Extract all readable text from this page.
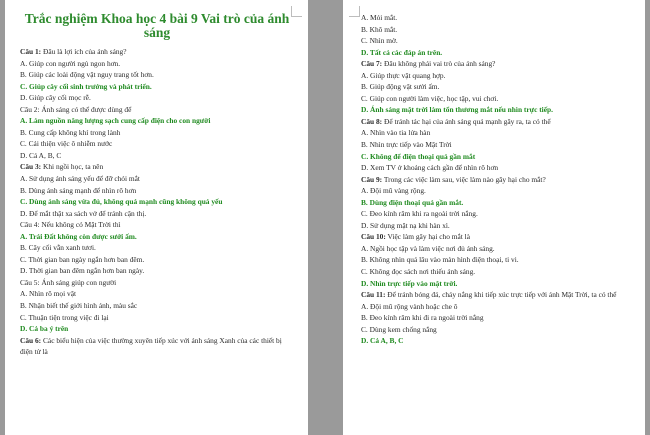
Trắc nghiệm Khoa học 4 bài 9 Vai trò của ánh sáng
Câu 1: Đâu là lợi ích của ánh sáng?
A. Giúp con người ngủ ngon hơn.
B. Giúp các loài động vật nguy trang tốt hơn.
C. Giúp cây cối sinh trưởng và phát triển.
D. Giúp cây cối mọc rễ.
Câu 2: Ánh sáng có thể được dùng để
A. Làm nguồn năng lượng sạch cung cấp điện cho con người
B. Cung cấp không khí trong lành
C. Cải thiện việc ô nhiễm nước
D. Cả A, B, C
Câu 3: Khi ngồi học, ta nên
A. Sử dụng ánh sáng yếu để đỡ chói mắt
B. Dùng ánh sáng mạnh để nhìn rõ hơn
C. Dùng ánh sáng vừa đủ, không quá mạnh cũng không quá yếu
D. Để mắt thật xa sách vở để tránh cận thị.
Câu 4: Nếu không có Mặt Trời thì
A. Trái Đất không còn được sưởi ấm.
B. Cây cối vẫn xanh tươi.
C. Thời gian ban ngày ngắn hơn ban đêm.
D. Thời gian ban đêm ngắn hơn ban ngày.
Câu 5: Ánh sáng giúp con người
A. Nhìn rõ mọi vật
B. Nhận biết thế giới hình ảnh, màu sắc
C. Thuận tiện trong việc đi lại
D. Cả ba ý trên
Câu 6: Các biểu hiện của việc thường xuyên tiếp xúc với ánh sáng Xanh của các thiết bị điện tử là
A. Mỏi mắt.
B. Khô mắt.
C. Nhìn mờ.
D. Tất cả các đáp án trên.
Câu 7: Đâu không phải vai trò của ánh sáng?
A. Giúp thực vật quang hợp.
B. Giúp động vật sưởi ấm.
C. Giúp con người làm việc, học tập, vui chơi.
D. Ánh sáng mặt trời làm tổn thương mắt nếu nhìn trực tiếp.
Câu 8: Để tránh tác hại của ánh sáng quá mạnh gây ra, ta có thể
A. Nhìn vào tia lửa hàn
B. Nhìn trực tiếp vào Mặt Trời
C. Không để điện thoại quá gần mắt
D. Xem TV ở khoảng cách gần để nhìn rõ hơn
Câu 9: Trong các việc làm sau, việc làm nào gây hại cho mắt?
A. Đội mũ vàng rộng.
B. Dùng điện thoại quá gần mắt.
C. Đeo kính râm khi ra ngoài trời nắng.
D. Sử dụng mặt nạ khi hàn xì.
Câu 10: Việc làm gây hại cho mắt là
A. Ngồi học tập và làm việc nơi đủ ánh sáng.
B. Không nhìn quá lâu vào màn hình điện thoại, ti vi.
C. Không đọc sách nơi thiếu ánh sáng.
D. Nhìn trực tiếp vào mặt trời.
Câu 11: Để tránh bóng đá, cháy nắng khi tiếp xúc trực tiếp với ánh Mặt Trời, ta có thể
A. Đội mũ rộng vành hoặc che ô
B. Đeo kính râm khi đi ra ngoài trời nắng
C. Dùng kem chống nắng
D. Cả A, B, C
